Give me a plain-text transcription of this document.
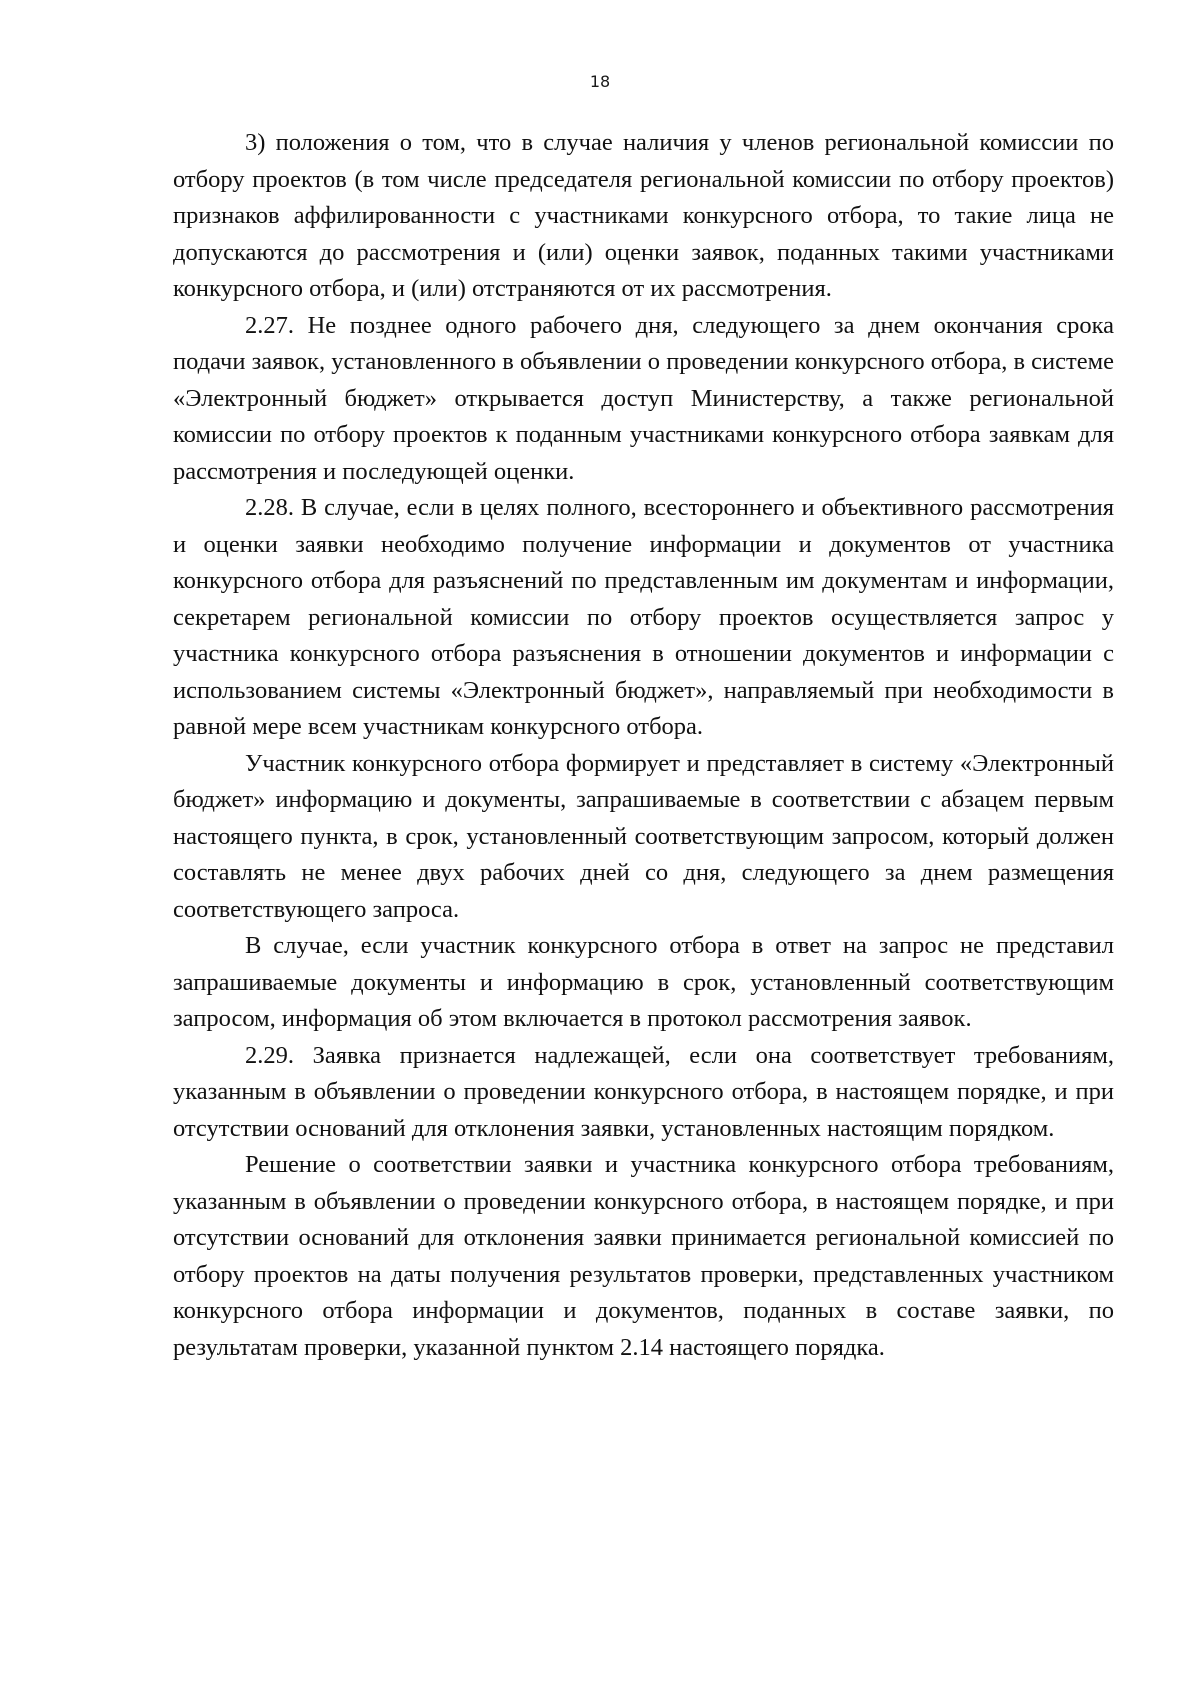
18

3) положения о том, что в случае наличия у членов региональной комиссии по отбору проектов (в том числе председателя региональной комиссии по отбору проектов) признаков аффилированности с участниками конкурсного отбора, то такие лица не допускаются до рассмотрения и (или) оценки заявок, поданных такими участниками конкурсного отбора, и (или) отстраняются от их рассмотрения.

2.27. Не позднее одного рабочего дня, следующего за днем окончания срока подачи заявок, установленного в объявлении о проведении конкурсного отбора, в системе «Электронный бюджет» открывается доступ Министерству, а также региональной комиссии по отбору проектов к поданным участниками конкурсного отбора заявкам для рассмотрения и последующей оценки.

2.28. В случае, если в целях полного, всестороннего и объективного рассмотрения и оценки заявки необходимо получение информации и документов от участника конкурсного отбора для разъяснений по представленным им документам и информации, секретарем региональной комиссии по отбору проектов осуществляется запрос у участника конкурсного отбора разъяснения в отношении документов и информации с использованием системы «Электронный бюджет», направляемый при необходимости в равной мере всем участникам конкурсного отбора.

Участник конкурсного отбора формирует и представляет в систему «Электронный бюджет» информацию и документы, запрашиваемые в соответствии с абзацем первым настоящего пункта, в срок, установленный соответствующим запросом, который должен составлять не менее двух рабочих дней со дня, следующего за днем размещения соответствующего запроса.

В случае, если участник конкурсного отбора в ответ на запрос не представил запрашиваемые документы и информацию в срок, установленный соответствующим запросом, информация об этом включается в протокол рассмотрения заявок.

2.29. Заявка признается надлежащей, если она соответствует требованиям, указанным в объявлении о проведении конкурсного отбора, в настоящем порядке, и при отсутствии оснований для отклонения заявки, установленных настоящим порядком.

Решение о соответствии заявки и участника конкурсного отбора требованиям, указанным в объявлении о проведении конкурсного отбора, в настоящем порядке, и при отсутствии оснований для отклонения заявки принимается региональной комиссией по отбору проектов на даты получения результатов проверки, представленных участником конкурсного отбора информации и документов, поданных в составе заявки, по результатам проверки, указанной пунктом 2.14 настоящего порядка.
